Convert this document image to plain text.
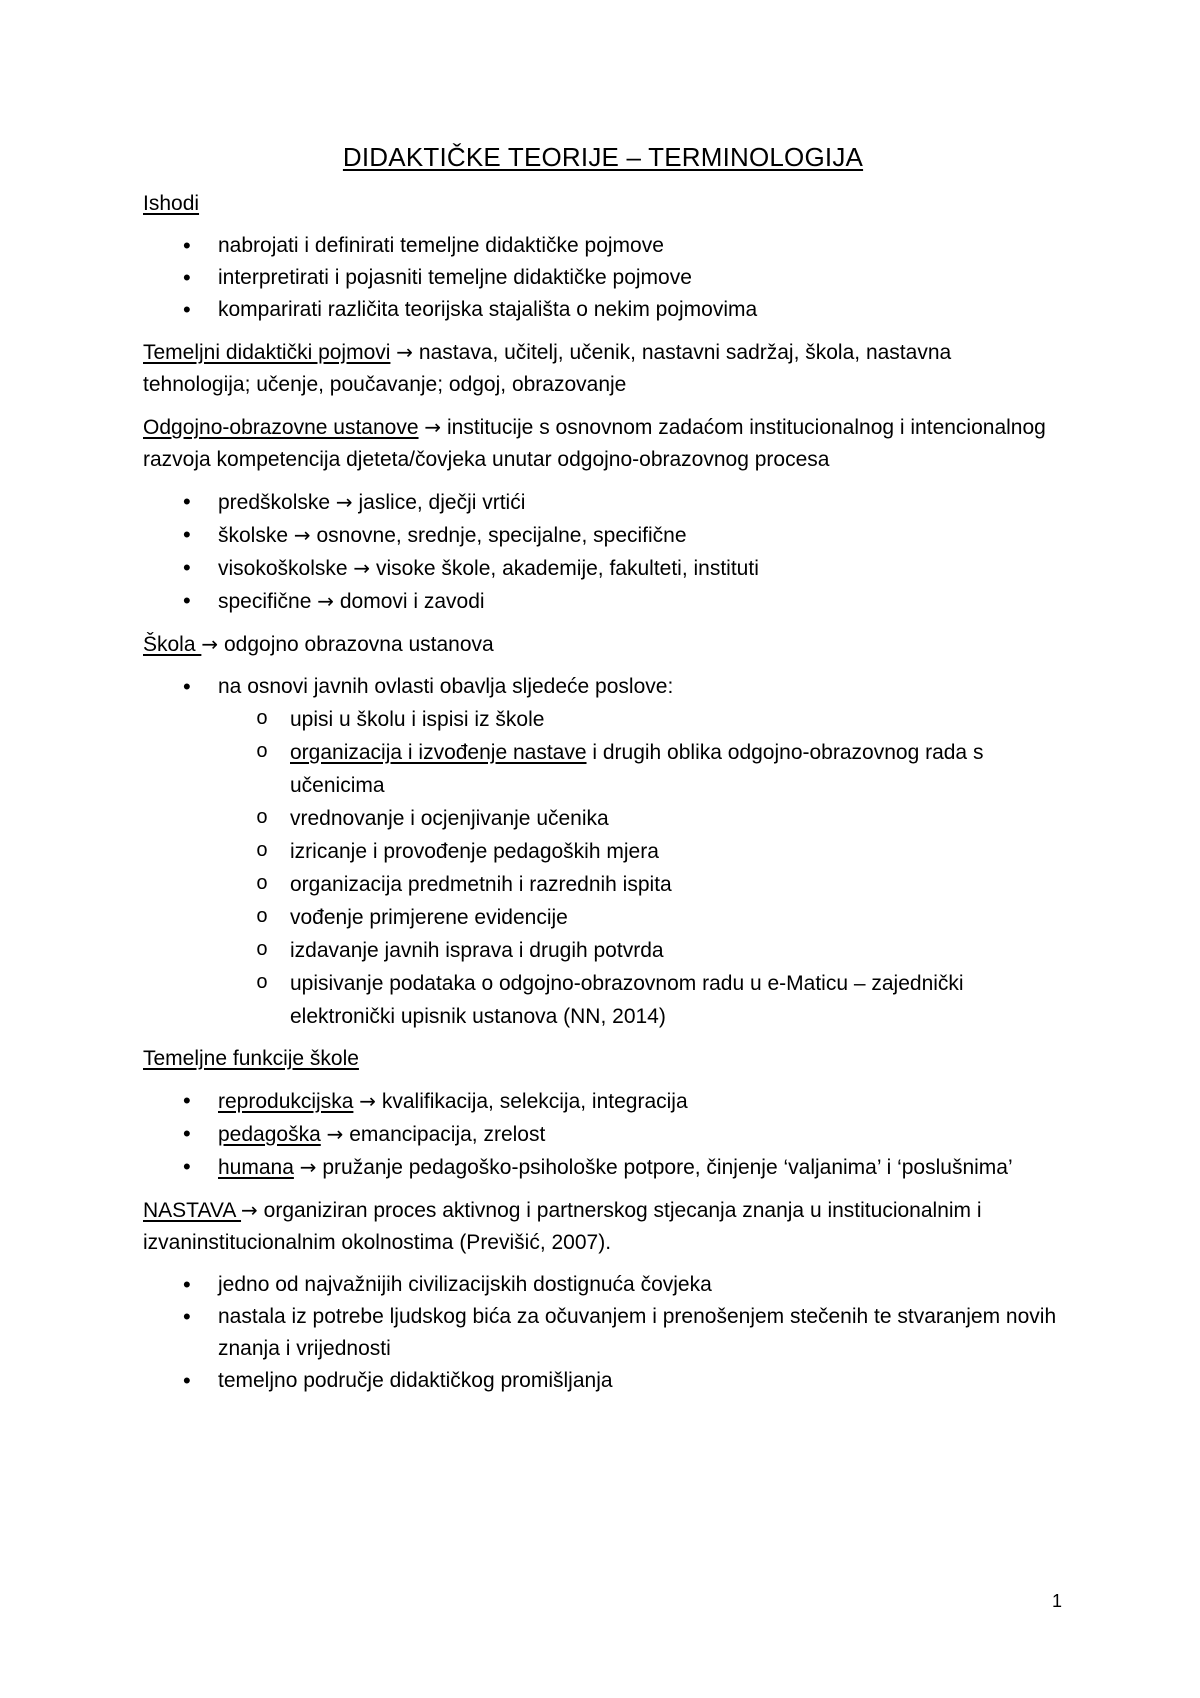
DIDAKTIČKE TEORIJE – TERMINOLOGIJA

Ishodi

• nabrojati i definirati temeljne didaktičke pojmove
• interpretirati i pojasniti temeljne didaktičke pojmove
• komparirati različita teorijska stajališta o nekim pojmovima

Temeljni didaktički pojmovi → nastava, učitelj, učenik, nastavni sadržaj, škola, nastavna tehnologija; učenje, poučavanje; odgoj, obrazovanje

Odgojno-obrazovne ustanove → institucije s osnovnom zadaćom institucionalnog i intencionalnog razvoja kompetencija djeteta/čovjeka unutar odgojno-obrazovnog procesa

• predškolske → jaslice, dječji vrtići
• školske → osnovne, srednje, specijalne, specifične
• visokoškolske → visoke škole, akademije, fakulteti, instituti
• specifične → domovi i zavodi

Škola → odgojno obrazovna ustanova

• na osnovi javnih ovlasti obavlja sljedeće poslove:
o upisi u školu i ispisi iz škole
o organizacija i izvođenje nastave i drugih oblika odgojno-obrazovnog rada s učenicima
o vrednovanje i ocjenjivanje učenika
o izricanje i provođenje pedagoških mjera
o organizacija predmetnih i razrednih ispita
o vođenje primjerene evidencije
o izdavanje javnih isprava i drugih potvrda
o upisivanje podataka o odgojno-obrazovnom radu u e-Maticu – zajednički elektronički upisnik ustanova (NN, 2014)

Temeljne funkcije škole

• reprodukcijska → kvalifikacija, selekcija, integracija
• pedagoška → emancipacija, zrelost
• humana → pružanje pedagoško-psihološke potpore, činjenje ‘valjanima’ i ‘poslušnima’

NASTAVA → organiziran proces aktivnog i partnerskog stjecanja znanja u institucionalnim i izvaninstitucionalnim okolnostima (Previšić, 2007).

• jedno od najvažnijih civilizacijskih dostignuća čovjeka
• nastala iz potrebe ljudskog bića za očuvanjem i prenošenjem stečenih te stvaranjem novih znanja i vrijednosti
• temeljno područje didaktičkog promišljanja
1
